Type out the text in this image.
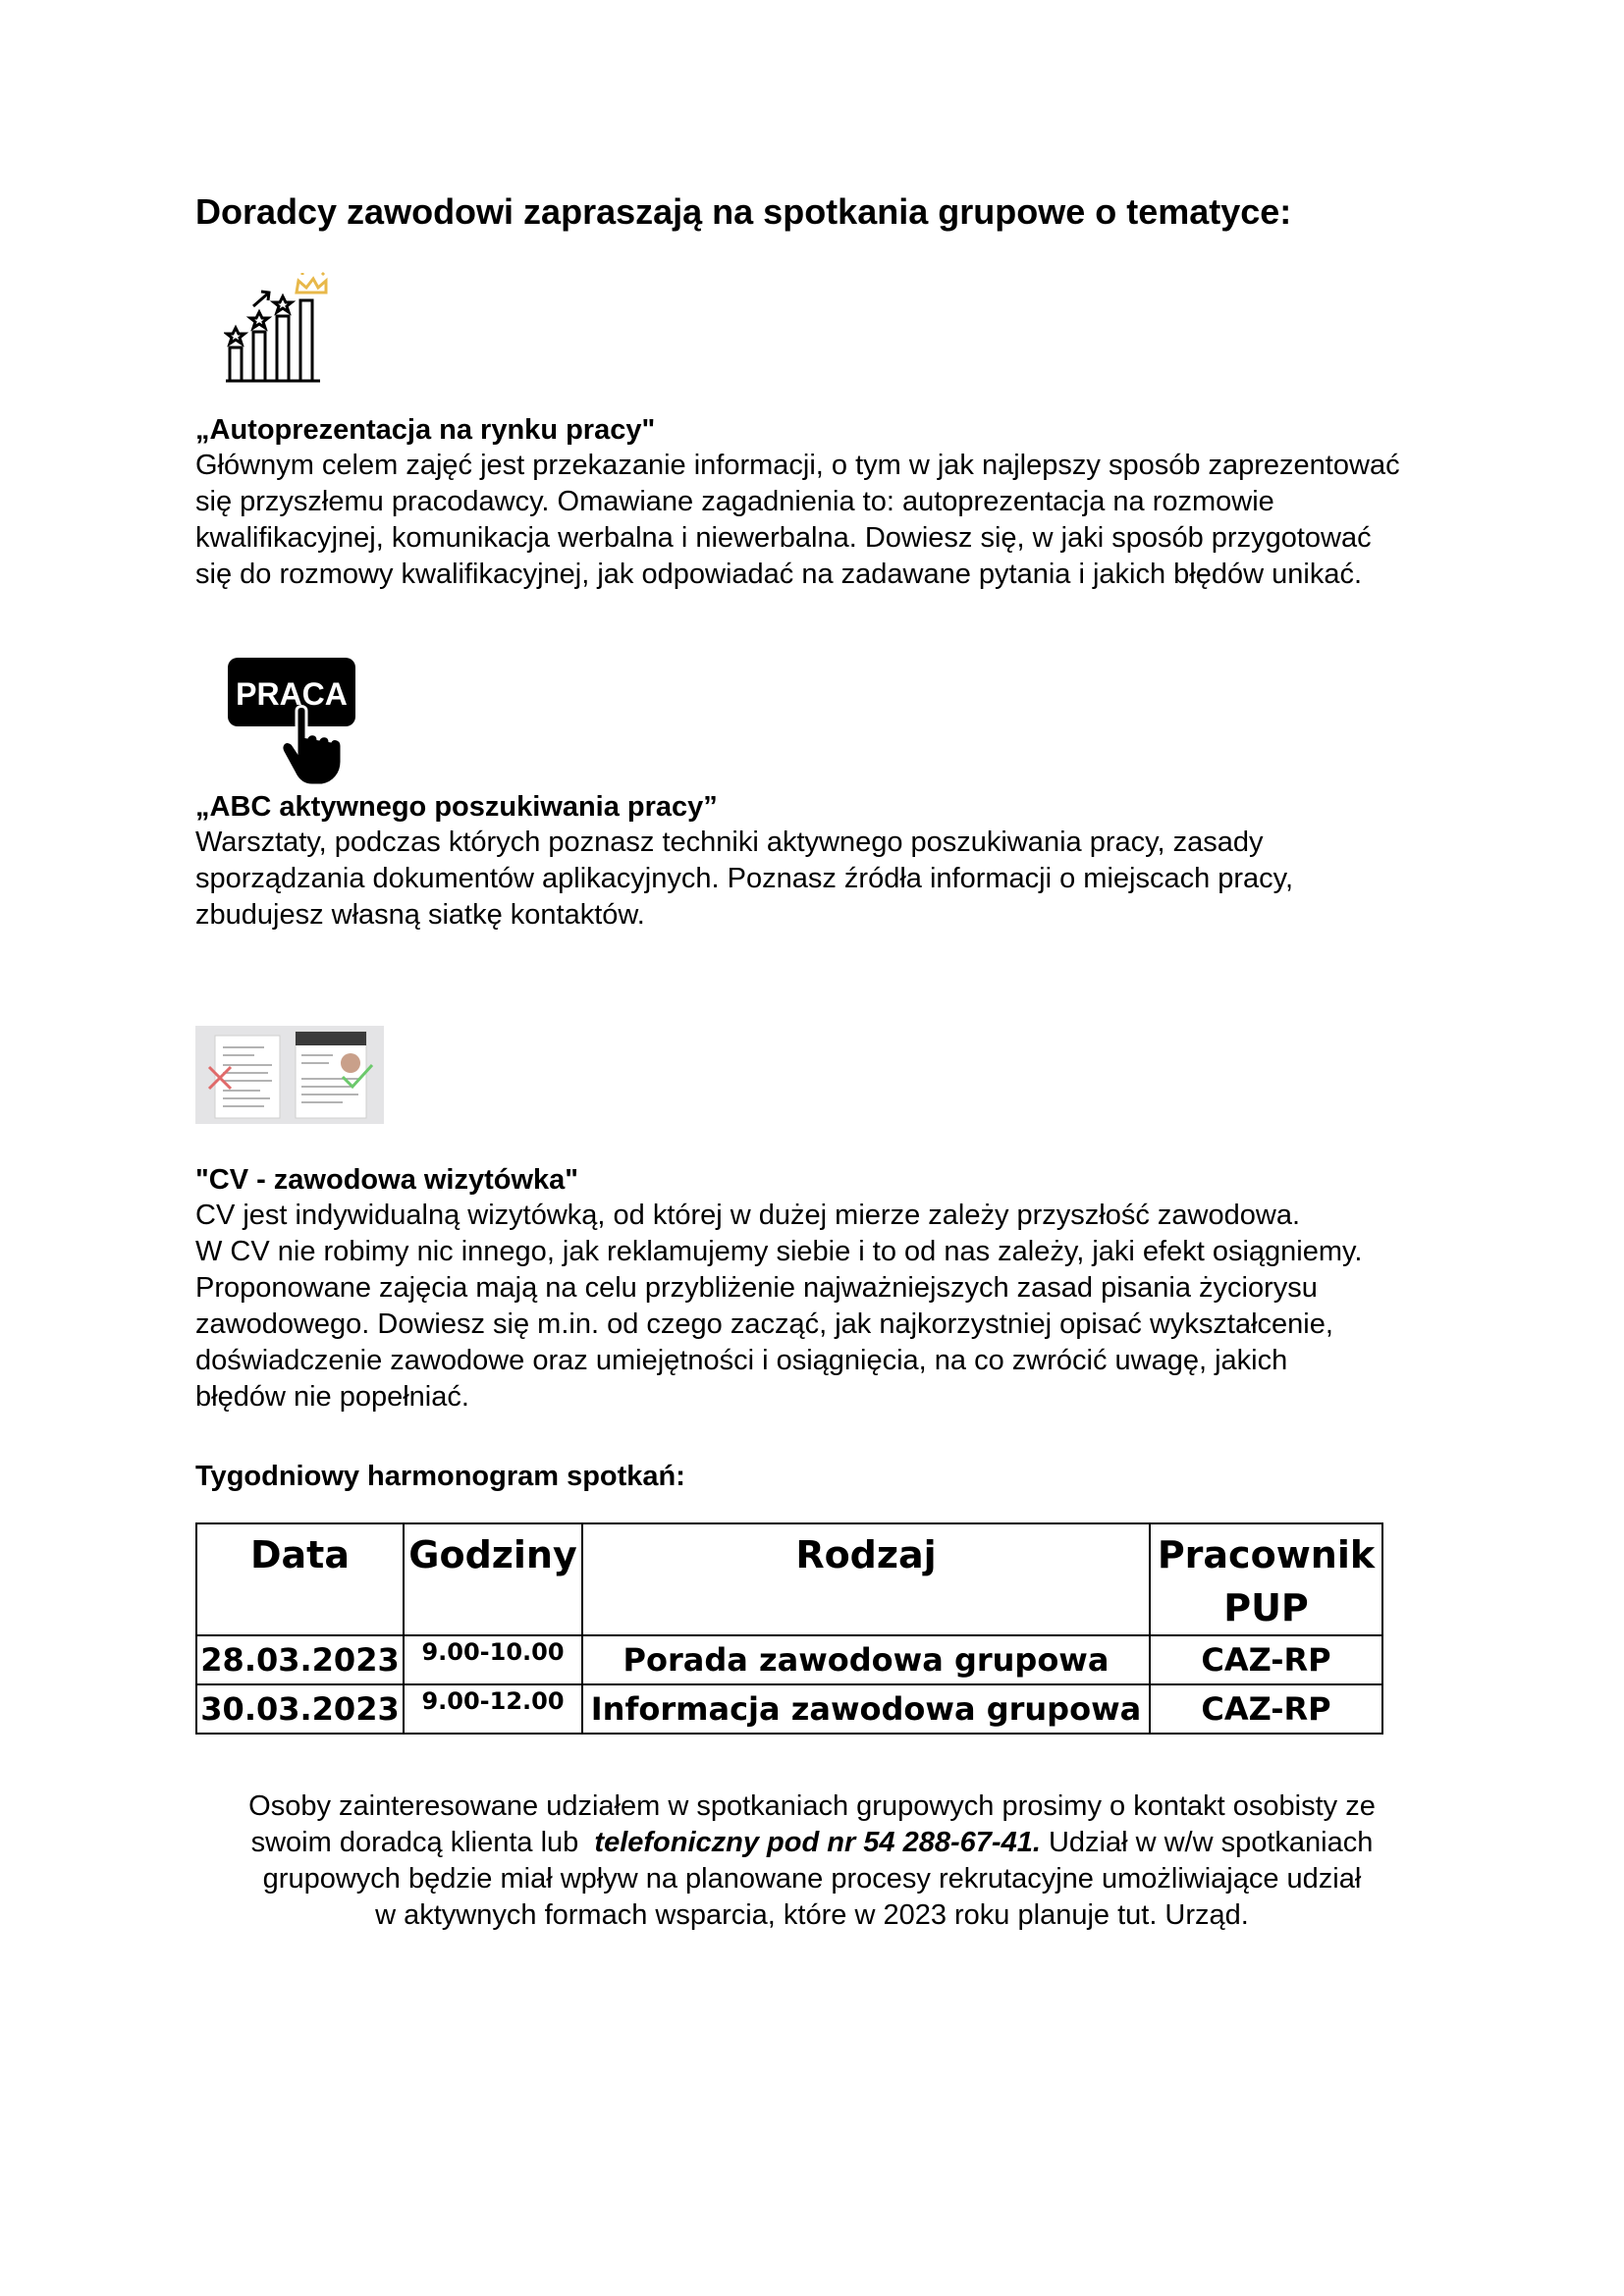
Doradcy zawodowi zapraszają na spotkania grupowe o tematyce:
„Autoprezentacja na rynku pracy"

Głównym celem zajęć jest przekazanie informacji, o tym w jak najlepszy sposób zaprezentować

się przyszłemu pracodawcy. Omawiane zagadnienia to: autoprezentacja na rozmowie

kwalifikacyjnej, komunikacja werbalna i niewerbalna. Dowiesz się, w jaki sposób przygotować

się do rozmowy kwalifikacyjnej, jak odpowiadać na zadawane pytania i jakich błędów unikać.

PRACA
„ABC aktywnego poszukiwania pracy”

Warsztaty, podczas których poznasz techniki aktywnego poszukiwania pracy, zasady

sporządzania dokumentów aplikacyjnych. Poznasz źródła informacji o miejscach pracy,

zbudujesz własną siatkę kontaktów.

"CV - zawodowa wizytówka"

CV jest indywidualną wizytówką, od której w dużej mierze zależy przyszłość zawodowa.

W CV nie robimy nic innego, jak reklamujemy siebie i to od nas zależy, jaki efekt osiągniemy.

Proponowane zajęcia mają na celu przybliżenie najważniejszych zasad pisania życiorysu

zawodowego. Dowiesz się m.in. od czego zacząć, jak najkorzystniej opisać wykształcenie,

doświadczenie zawodowe oraz umiejętności i osiągnięcia, na co zwrócić uwagę, jakich

błędów nie popełniać.

Tygodniowy harmonogram spotkań:
Data	Godziny	Rodzaj	Pracownik PUP
28.03.2023	9.00-10.00	Porada zawodowa grupowa	CAZ-RP
30.03.2023	9.00-12.00	Informacja zawodowa grupowa	CAZ-RP
Osoby zainteresowane udziałem w spotkaniach grupowych prosimy o kontakt osobisty ze
swoim doradcą klienta lub telefoniczny pod nr 54 288-67-41. Udział w w/w spotkaniach
grupowych będzie miał wpływ na planowane procesy rekrutacyjne umożliwiające udział
w aktywnych formach wsparcia, które w 2023 roku planuje tut. Urząd.
